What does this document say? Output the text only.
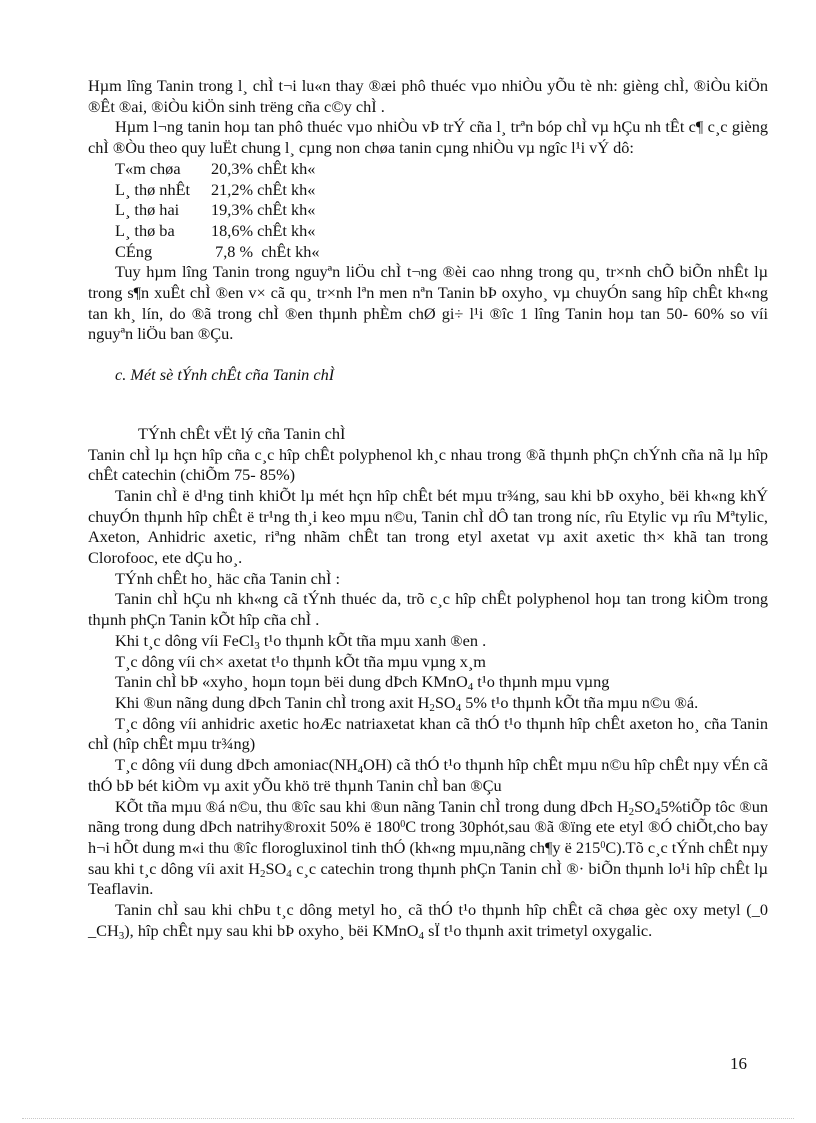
Hµm lîng Tanin trong l¸ chÌ t¬i lu«n thay ®æi phô thuéc vµo nhiÒu yÕu tè nh: gièng chÌ, ®iÒu kiÖn ®Êt ®ai, ®iÒu kiÖn sinh trëng cña c©y chÌ .

Hµm l¬ng tanin hoµ tan phô thuéc vµo nhiÒu vÞ trÝ cña l¸ trªn bóp chÌ vµ hÇu nh tÊt c¶ c¸c gièng chÌ ®Òu theo quy luËt chung l¸ cµng non chøa tanin cµng nhiÒu vµ ngîc l¹i vÝ dô:

T«m chøa 20,3% chÊt kh«

L¸ thø nhÊt 21,2% chÊt kh«

L¸ thø hai 19,3% chÊt kh«

L¸ thø ba 18,6% chÊt kh«

CÉng	7,8 %  chÊt kh«

Tuy hµm lîng Tanin trong nguyªn liÖu chÌ t¬ng ®èi cao nhng trong qu¸ tr×nh chÕ biÕn nhÊt lµ trong s¶n xuÊt chÌ ®en v× cã qu¸ tr×nh lªn men nªn Tanin bÞ oxyho¸ vµ chuyÓn sang hîp chÊt kh«ng tan kh¸ lín, do ®ã trong chÌ ®en thµnh phÈm chØ gi÷ l¹i ®îc 1 lîng Tanin hoµ tan 50- 60% so víi nguyªn liÖu ban ®Çu.

c. Mét sè tÝnh chÊt cña Tanin chÌ

TÝnh chÊt vËt lý cña Tanin chÌ

Tanin chÌ lµ hçn hîp cña c¸c hîp chÊt polyphenol kh¸c nhau trong ®ã thµnh phÇn chÝnh cña nã lµ hîp chÊt catechin (chiÕm 75- 85%)

Tanin chÌ ë d¹ng tinh khiÕt lµ mét hçn hîp chÊt bét mµu tr¾ng, sau khi bÞ oxyho¸ bëi kh«ng khÝ chuyÓn thµnh hîp chÊt ë tr¹ng th¸i keo mµu n©u, Tanin chÌ dÔ tan trong níc, rîu Etylic vµ rîu Mªtylic, Axeton, Anhidric axetic, riªng nhãm chÊt tan trong etyl axetat vµ axit axetic th× khã tan trong Clorofooc, ete dÇu ho¸.

TÝnh chÊt ho¸ häc cña Tanin chÌ :

Tanin chÌ hÇu nh kh«ng cã tÝnh thuéc da, trõ c¸c hîp chÊt polyphenol hoµ tan trong kiÒm trong thµnh phÇn Tanin kÕt hîp cña chÌ .

Khi t¸c dông víi FeCl$_3$ t¹o thµnh kÕt tña mµu xanh ®en .

T¸c dông víi ch× axetat t¹o thµnh kÕt tña mµu vµng x¸m

Tanin chÌ bÞ «xyho¸ hoµn toµn bëi dung dÞch KMnO$_4$ t¹o thµnh mµu vµng

Khi ®un nãng dung dÞch Tanin chÌ trong axit $H_2SO_4$ 5% t¹o thµnh kÕt tña mµu n©u ®á.

T¸c dông víi anhidric axetic hoÆc natriaxetat khan cã thÓ t¹o thµnh hîp chÊt axeton ho¸ cña Tanin chÌ (hîp chÊt mµu tr¾ng)

T¸c dông víi dung dÞch $amoniac(NH_4OH)$ cã thÓ t¹o thµnh hîp chÊt mµu n©u hîp chÊt nµy vÉn cã thÓ bÞ bét kiÒm vµ axit yÕu khö trë thµnh Tanin chÌ ban ®Çu

KÕt tña mµu ®á n©u, thu ®îc sau khi ®un nãng Tanin chÌ trong dung dÞch $H_2SO_45\%tiÕp$ tôc ®un nãng trong dung dÞch natrihy®roxit 50% ë $180^0C$ trong 30phót,sau ®ã ®ïng ete etyl ®Ó chiÕt,cho bay h¬i hÕt dung m«i thu ®îc florogluxinol tinh thÓ (kh«ng mµu,nãng ch¶y ë $215^0C).Tõ$ c¸c tÝnh chÊt nµy sau khi t¸c dông víi axit $H_2SO_4$ c¸c catechin trong thµnh phÇn Tanin chÌ ®· biÕn thµnh lo¹i hîp chÊt lµ Teaflavin.

Tanin chÌ sau khi chÞu t¸c dông metyl ho¸ cã thÓ t¹o thµnh hîp chÊt cã chøa gèc oxy metyl (_0 $\_CH_3$), hîp chÊt nµy sau khi bÞ oxyho¸ bëi KMnO$_4$ sÏ t¹o thµnh axit trimetyl oxygalic.

16
